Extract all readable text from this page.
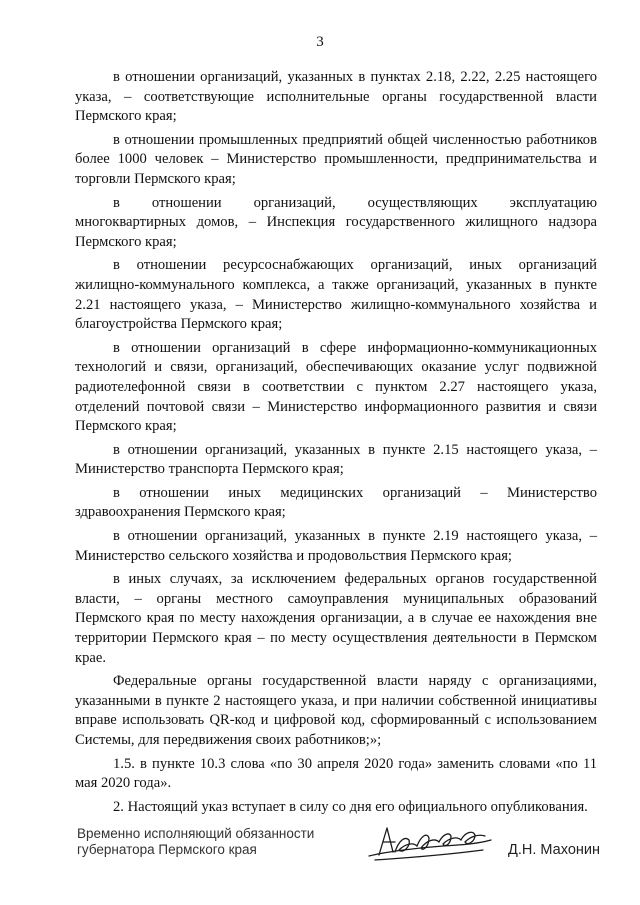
3

в отношении организаций, указанных в пунктах 2.18, 2.22, 2.25 настоящего указа, – соответствующие исполнительные органы государственной власти Пермского края;

в отношении промышленных предприятий общей численностью работников более 1000 человек – Министерство промышленности, предпринимательства и торговли Пермского края;

в отношении организаций, осуществляющих эксплуатацию многоквартирных домов, – Инспекция государственного жилищного надзора Пермского края;

в отношении ресурсоснабжающих организаций, иных организаций жилищно-коммунального комплекса, а также организаций, указанных в пункте 2.21 настоящего указа, – Министерство жилищно-коммунального хозяйства и благоустройства Пермского края;

в отношении организаций в сфере информационно-коммуникационных технологий и связи, организаций, обеспечивающих оказание услуг подвижной радиотелефонной связи в соответствии с пунктом 2.27 настоящего указа, отделений почтовой связи – Министерство информационного развития и связи Пермского края;

в отношении организаций, указанных в пункте 2.15 настоящего указа, – Министерство транспорта Пермского края;

в отношении иных медицинских организаций – Министерство здравоохранения Пермского края;

в отношении организаций, указанных в пункте 2.19 настоящего указа, – Министерство сельского хозяйства и продовольствия Пермского края;

в иных случаях, за исключением федеральных органов государственной власти, – органы местного самоуправления муниципальных образований Пермского края по месту нахождения организации, а в случае ее нахождения вне территории Пермского края – по месту осуществления деятельности в Пермском крае.

Федеральные органы государственной власти наряду с организациями, указанными в пункте 2 настоящего указа, и при наличии собственной инициативы вправе использовать QR-код и цифровой код, сформированный с использованием Системы, для передвижения своих работников;»;

1.5. в пункте 10.3 слова «по 30 апреля 2020 года» заменить словами «по 11 мая 2020 года».

2. Настоящий указ вступает в силу со дня его официального опубликования.

Временно исполняющий обязанности
губернатора Пермского края	Д.Н. Махонин
